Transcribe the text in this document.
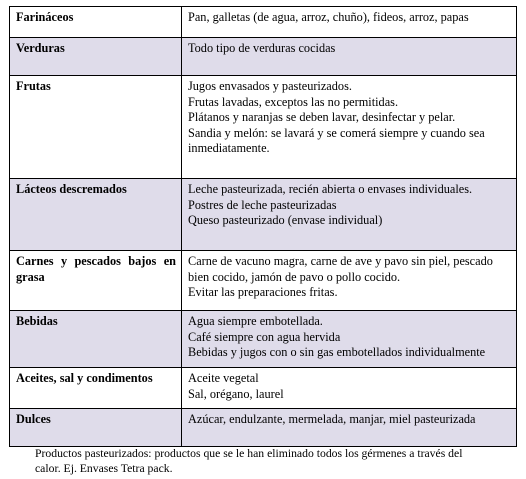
Farináceos	Pan, galletas (de agua, arroz, chuño), fideos, arroz, papas

Verduras	Todo tipo de verduras cocidas

Frutas	Jugos envasados y pasteurizados.
Frutas lavadas, exceptos las no permitidas.
Plátanos y naranjas se deben lavar, desinfectar y pelar.
Sandia y melón: se lavará y se comerá siempre y cuando sea
inmediatamente.

Lácteos descremados	Leche pasteurizada, recién abierta o envases individuales.
Postres de leche pasteurizadas
Queso pasteurizado (envase individual)

Carnes y pescados bajos en grasa	Carne de vacuno magra, carne de ave y pavo sin piel, pescado
bien cocido, jamón de pavo o pollo cocido.
Evitar las preparaciones fritas.

Bebidas	Agua siempre embotellada.
Café siempre con agua hervida
Bebidas y jugos con o sin gas embotellados individualmente

Aceites, sal y condimentos	Aceite vegetal
Sal, orégano, laurel

Dulces	Azúcar, endulzante, mermelada, manjar, miel pasteurizada
Productos pasteurizados: productos que se le han eliminado todos los gérmenes a través del
calor. Ej. Envases Tetra pack.
